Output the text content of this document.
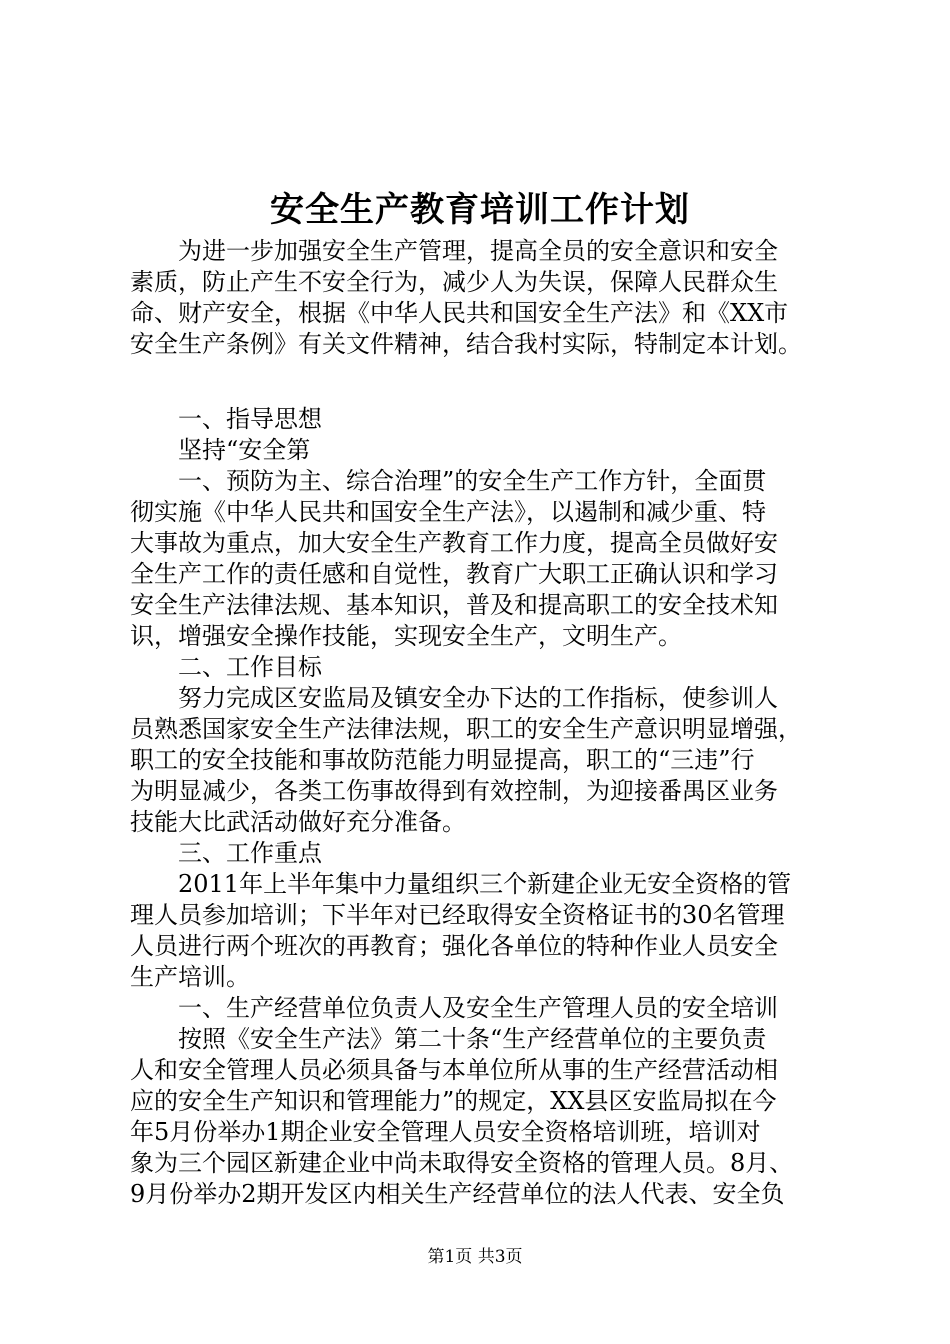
安全生产教育培训工作计划
为进一步加强安全生产管理，提高全员的安全意识和安全
素质，防止产生不安全行为，减少人为失误，保障人民群众生
命、财产安全，根据《中华人民共和国安全生产法》和《XX市
安全生产条例》有关文件精神，结合我村实际，特制定本计划。
一、指导思想
坚持“安全第
一、预防为主、综合治理”的安全生产工作方针，全面贯
彻实施《中华人民共和国安全生产法》，以遏制和减少重、特
大事故为重点，加大安全生产教育工作力度，提高全员做好安
全生产工作的责任感和自觉性，教育广大职工正确认识和学习
安全生产法律法规、基本知识，普及和提高职工的安全技术知
识，增强安全操作技能，实现安全生产，文明生产。
二、工作目标
努力完成区安监局及镇安全办下达的工作指标，使参训人
员熟悉国家安全生产法律法规，职工的安全生产意识明显增强，
职工的安全技能和事故防范能力明显提高，职工的“三违”行
为明显减少，各类工伤事故得到有效控制，为迎接番禺区业务
技能大比武活动做好充分准备。
三、工作重点
2011年上半年集中力量组织三个新建企业无安全资格的管
理人员参加培训；下半年对已经取得安全资格证书的30名管理
人员进行两个班次的再教育；强化各单位的特种作业人员安全
生产培训。
一、生产经营单位负责人及安全生产管理人员的安全培训
按照《安全生产法》第二十条“生产经营单位的主要负责
人和安全管理人员必须具备与本单位所从事的生产经营活动相
应的安全生产知识和管理能力”的规定，XX县区安监局拟在今
年5月份举办1期企业安全管理人员安全资格培训班，培训对
象为三个园区新建企业中尚未取得安全资格的管理人员。8月、
9月份举办2期开发区内相关生产经营单位的法人代表、安全负
第1页 共3页
